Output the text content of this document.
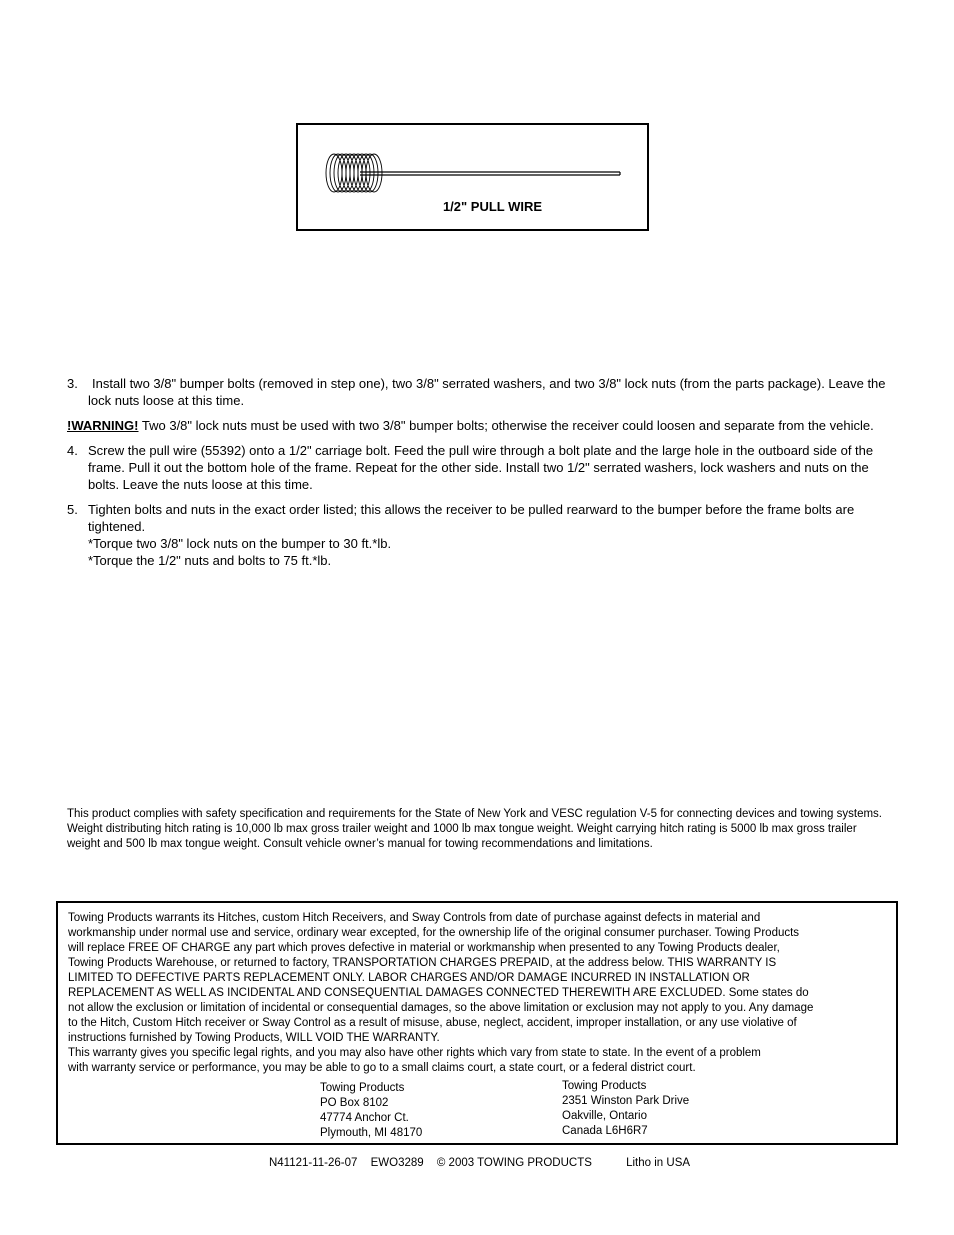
1/2" PULL WIRE
3. Install two 3/8" bumper bolts (removed in step one), two 3/8" serrated washers, and two 3/8" lock nuts (from the parts package). Leave the lock nuts loose at this time.
!WARNING! Two 3/8" lock nuts must be used with two 3/8" bumper bolts; otherwise the receiver could loosen and separate from the vehicle.
4. Screw the pull wire (55392) onto a 1/2" carriage bolt. Feed the pull wire through a bolt plate and the large hole in the outboard side of the frame. Pull it out the bottom hole of the frame. Repeat for the other side. Install two 1/2" serrated washers, lock washers and nuts on the bolts. Leave the nuts loose at this time.
5. Tighten bolts and nuts in the exact order listed; this allows the receiver to be pulled rearward to the bumper before the frame bolts are tightened.
*Torque two 3/8" lock nuts on the bumper to 30 ft.*lb.
*Torque the 1/2" nuts and bolts to 75 ft.*lb.
This product complies with safety specification and requirements for the State of New York and VESC regulation V-5 for connecting devices and towing systems. Weight distributing hitch rating is 10,000 lb max gross trailer weight and 1000 lb max tongue weight. Weight carrying hitch rating is 5000 lb max gross trailer weight and 500 lb max tongue weight. Consult vehicle owner’s manual for towing recommendations and limitations.
Towing Products warrants its Hitches, custom Hitch Receivers, and Sway Controls from date of purchase against defects in material and
workmanship under normal use and service, ordinary wear excepted, for the ownership life of the original consumer purchaser. Towing Products
will replace FREE OF CHARGE any part which proves defective in material or workmanship when presented to any Towing Products dealer,
Towing Products Warehouse, or returned to factory, TRANSPORTATION CHARGES PREPAID, at the address below. THIS WARRANTY IS
LIMITED TO DEFECTIVE PARTS REPLACEMENT ONLY. LABOR CHARGES AND/OR DAMAGE INCURRED IN INSTALLATION OR
REPLACEMENT AS WELL AS INCIDENTAL AND CONSEQUENTIAL DAMAGES CONNECTED THEREWITH ARE EXCLUDED. Some states do
not allow the exclusion or limitation of incidental or consequential damages, so the above limitation or exclusion may not apply to you. Any damage
to the Hitch, Custom Hitch receiver or Sway Control as a result of misuse, abuse, neglect, accident, improper installation, or any use violative of
instructions furnished by Towing Products, WILL VOID THE WARRANTY.
This warranty gives you specific legal rights, and you may also have other rights which vary from state to state. In the event of a problem
with warranty service or performance, you may be able to go to a small claims court, a state court, or a federal district court.
Towing Products
PO Box 8102
47774 Anchor Ct.
Plymouth, MI 48170
Towing Products
2351 Winston Park Drive
Oakville, Ontario
Canada L6H6R7
N41121-11-26-07 EWO3289 © 2003 TOWING PRODUCTS	Litho in USA
